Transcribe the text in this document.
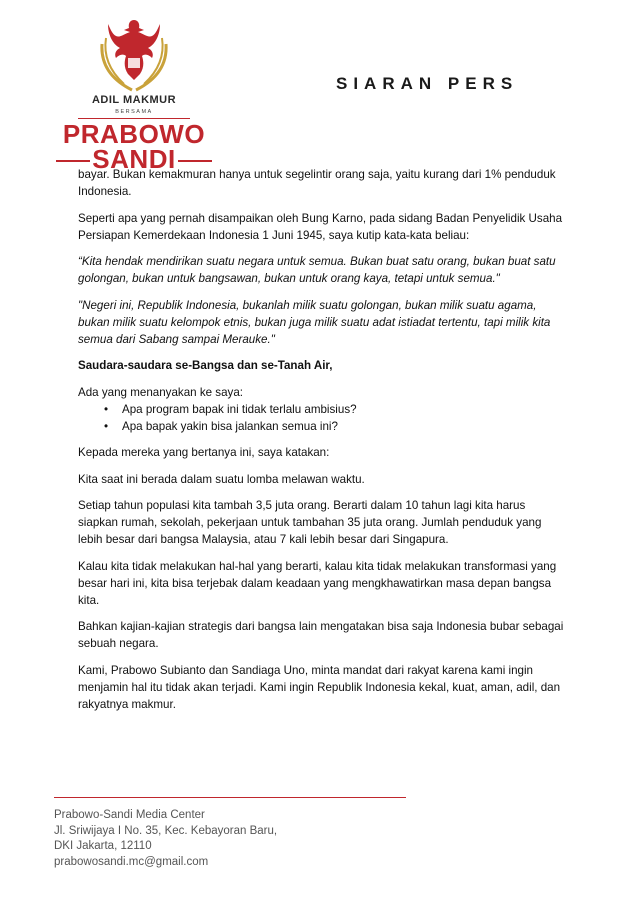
ADIL MAKMUR
BERSAMA
PRABOWO
SANDI
SIARAN PERS

bayar. Bukan kemakmuran hanya untuk segelintir orang saja, yaitu kurang dari 1% penduduk Indonesia.

Seperti apa yang pernah disampaikan oleh Bung Karno, pada sidang Badan Penyelidik Usaha Persiapan Kemerdekaan Indonesia 1 Juni 1945, saya kutip kata-kata beliau:

“Kita hendak mendirikan suatu negara untuk semua. Bukan buat satu orang, bukan buat satu golongan, bukan untuk bangsawan, bukan untuk orang kaya, tetapi untuk semua."

"Negeri ini, Republik Indonesia, bukanlah milik suatu golongan, bukan milik suatu agama, bukan milik suatu kelompok etnis, bukan juga milik suatu adat istiadat tertentu, tapi milik kita semua dari Sabang sampai Merauke."

Saudara-saudara se-Bangsa dan se-Tanah Air,

Ada yang menanyakan ke saya:

• Apa program bapak ini tidak terlalu ambisius?
• Apa bapak yakin bisa jalankan semua ini?

Kepada mereka yang bertanya ini, saya katakan:

Kita saat ini berada dalam suatu lomba melawan waktu.

Setiap tahun populasi kita tambah 3,5 juta orang. Berarti dalam 10 tahun lagi kita harus siapkan rumah, sekolah, pekerjaan untuk tambahan 35 juta orang. Jumlah penduduk yang lebih besar dari bangsa Malaysia, atau 7 kali lebih besar dari Singapura.

Kalau kita tidak melakukan hal-hal yang berarti, kalau kita tidak melakukan transformasi yang besar hari ini, kita bisa terjebak dalam keadaan yang mengkhawatirkan masa depan bangsa kita.

Bahkan kajian-kajian strategis dari bangsa lain mengatakan bisa saja Indonesia bubar sebagai sebuah negara.

Kami, Prabowo Subianto dan Sandiaga Uno, minta mandat dari rakyat karena kami ingin menjamin hal itu tidak akan terjadi. Kami ingin Republik Indonesia kekal, kuat, aman, adil, dan rakyatnya makmur.

Prabowo-Sandi Media Center
Jl. Sriwijaya I No. 35, Kec. Kebayoran Baru,
DKI Jakarta, 12110
prabowosandi.mc@gmail.com
